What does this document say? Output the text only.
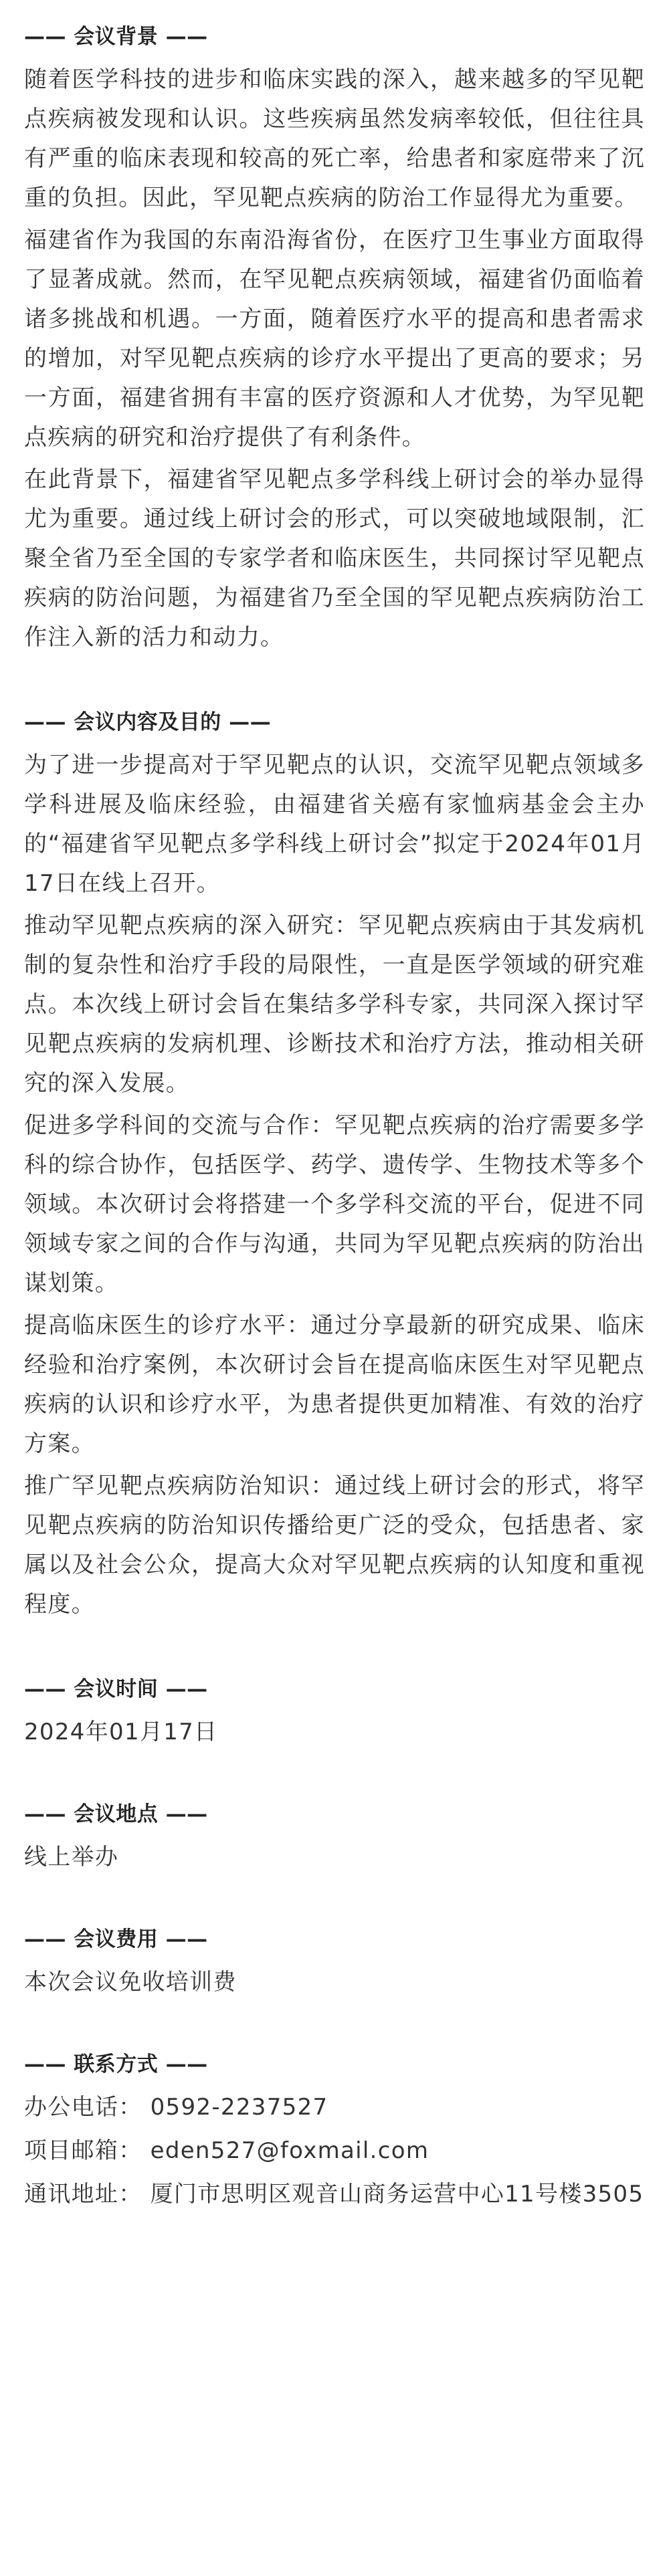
—— 会议背景 ——

随着医学科技的进步和临床实践的深入，越来越多的罕见靶点疾病被发现和认识。这些疾病虽然发病率较低，但往往具有严重的临床表现和较高的死亡率，给患者和家庭带来了沉重的负担。因此，罕见靶点疾病的防治工作显得尤为重要。

福建省作为我国的东南沿海省份，在医疗卫生事业方面取得了显著成就。然而，在罕见靶点疾病领域，福建省仍面临着诸多挑战和机遇。一方面，随着医疗水平的提高和患者需求的增加，对罕见靶点疾病的诊疗水平提出了更高的要求；另一方面，福建省拥有丰富的医疗资源和人才优势，为罕见靶点疾病的研究和治疗提供了有利条件。

在此背景下，福建省罕见靶点多学科线上研讨会的举办显得尤为重要。通过线上研讨会的形式，可以突破地域限制，汇聚全省乃至全国的专家学者和临床医生，共同探讨罕见靶点疾病的防治问题，为福建省乃至全国的罕见靶点疾病防治工作注入新的活力和动力。

—— 会议内容及目的 ——

为了进一步提高对于罕见靶点的认识，交流罕见靶点领域多学科进展及临床经验，由福建省关癌有家恤病基金会主办的“福建省罕见靶点多学科线上研讨会”拟定于2024年01月17日在线上召开。

推动罕见靶点疾病的深入研究：罕见靶点疾病由于其发病机制的复杂性和治疗手段的局限性，一直是医学领域的研究难点。本次线上研讨会旨在集结多学科专家，共同深入探讨罕见靶点疾病的发病机理、诊断技术和治疗方法，推动相关研究的深入发展。

促进多学科间的交流与合作：罕见靶点疾病的治疗需要多学科的综合协作，包括医学、药学、遗传学、生物技术等多个领域。本次研讨会将搭建一个多学科交流的平台，促进不同领域专家之间的合作与沟通，共同为罕见靶点疾病的防治出谋划策。

提高临床医生的诊疗水平：通过分享最新的研究成果、临床经验和治疗案例，本次研讨会旨在提高临床医生对罕见靶点疾病的认识和诊疗水平，为患者提供更加精准、有效的治疗方案。

推广罕见靶点疾病防治知识：通过线上研讨会的形式，将罕见靶点疾病的防治知识传播给更广泛的受众，包括患者、家属以及社会公众，提高大众对罕见靶点疾病的认知度和重视程度。

—— 会议时间 ——

2024年01月17日

—— 会议地点 ——

线上举办

—— 会议费用 ——

本次会议免收培训费

—— 联系方式 ——

办公电话： 0592-2237527

项目邮箱： eden527@foxmail.com

通讯地址： 厦门市思明区观音山商务运营中心11号楼3505
